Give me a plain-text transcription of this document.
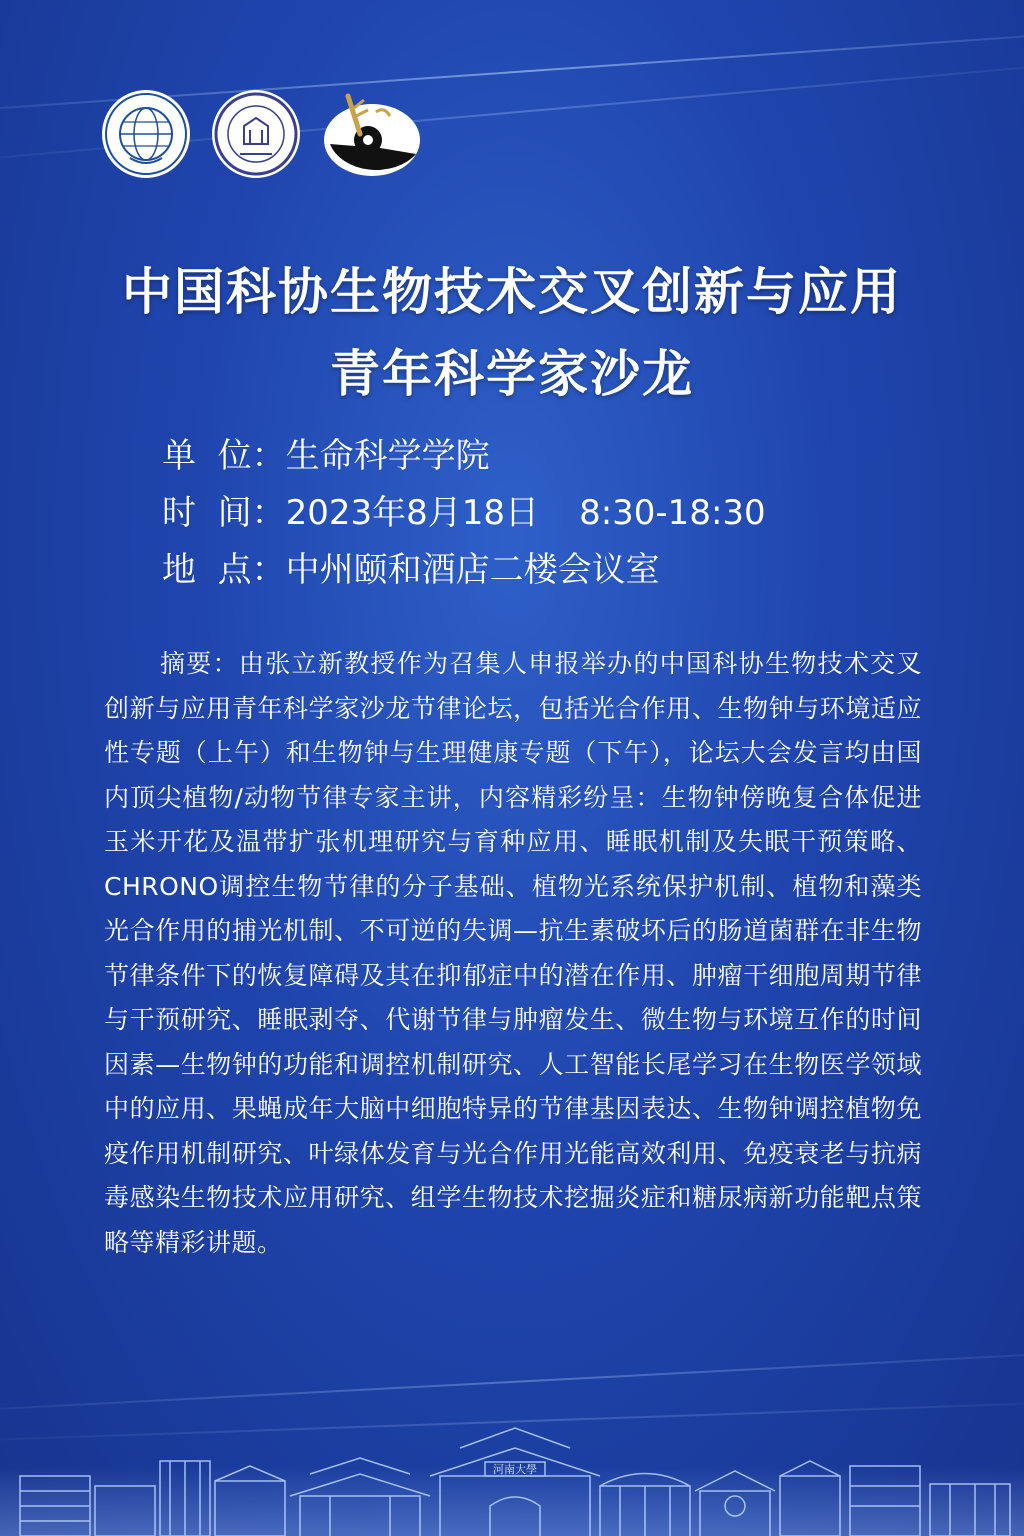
中国科协生物技术交叉创新与应用
青年科学家沙龙
单  位：生命科学学院
时  间：2023年8月18日 8:30-18:30
地  点：中州颐和酒店二楼会议室
摘要：由张立新教授作为召集人申报举办的中国科协生物技术交叉创新与应用青年科学家沙龙节律论坛，包括光合作用、生物钟与环境适应性专题（上午）和生物钟与生理健康专题（下午），论坛大会发言均由国内顶尖植物/动物节律专家主讲，内容精彩纷呈：生物钟傍晚复合体促进玉米开花及温带扩张机理研究与育种应用、睡眠机制及失眠干预策略、CHRONO调控生物节律的分子基础、植物光系统保护机制、植物和藻类光合作用的捕光机制、不可逆的失调—抗生素破坏后的肠道菌群在非生物节律条件下的恢复障碍及其在抑郁症中的潜在作用、肿瘤干细胞周期节律与干预研究、睡眠剥夺、代谢节律与肿瘤发生、微生物与环境互作的时间因素—生物钟的功能和调控机制研究、人工智能长尾学习在生物医学领域中的应用、果蝇成年大脑中细胞特异的节律基因表达、生物钟调控植物免疫作用机制研究、叶绿体发育与光合作用光能高效利用、免疫衰老与抗病毒感染生物技术应用研究、组学生物技术挖掘炎症和糖尿病新功能靶点策略等精彩讲题。
河南大學
